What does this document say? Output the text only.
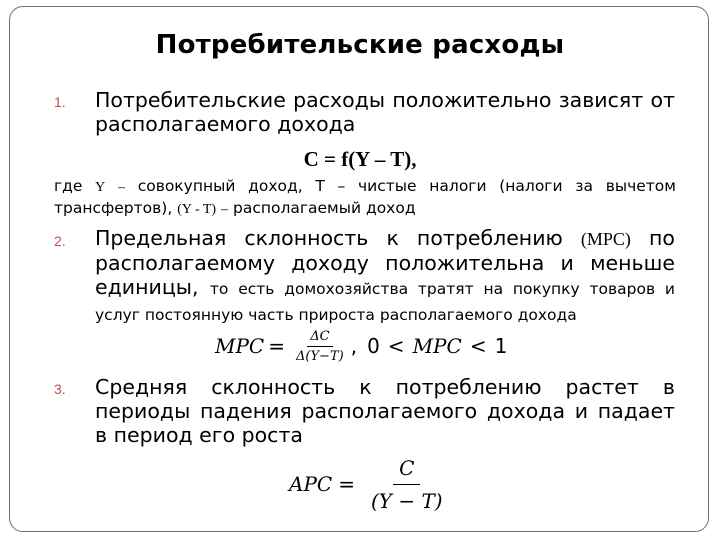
Потребительские расходы
1. Потребительские расходы положительно зависят от располагаемого дохода
C = f(Y – T),
где Y – совокупный доход, Т – чистые налоги (налоги за вычетом трансфертов), (Y - T) – располагаемый доход
2. Предельная склонность к потреблению (MPC) по располагаемому доходу положительна и меньше единицы, то есть домохозяйства тратят на покупку товаров и услуг постоянную часть прироста располагаемого дохода
MPC = $\frac{\Delta C}{\Delta(Y-T)}$ , 0 < MPC < 1
3. Средняя склонность к потреблению растет в периоды падения располагаемого дохода и падает в период его роста
APC = $\frac{C}{(Y - T)}$
